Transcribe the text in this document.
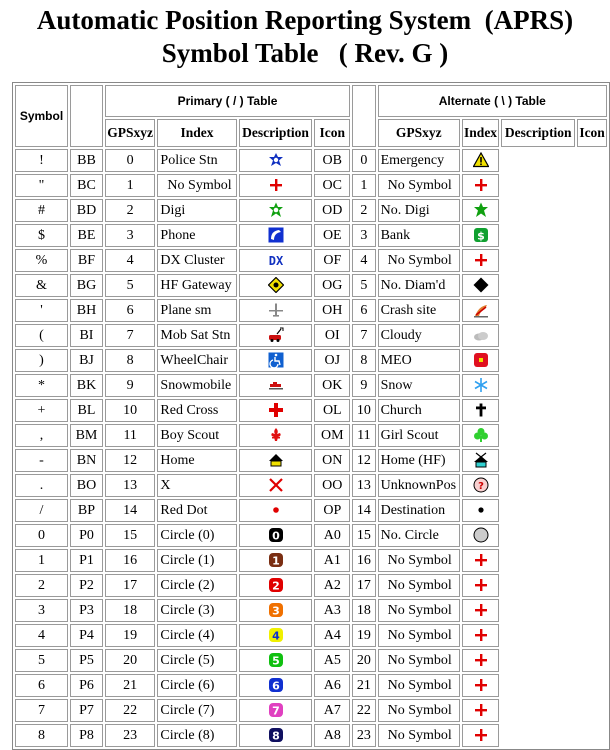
Automatic Position Reporting System  (APRS)
Symbol Table   ( Rev. G )
Symbol		Primary ( / ) Table					Alternate ( \ ) Table			
		GPSxyz	Index	Description	Icon		GPSxyz	Index	Description	Icon
!	BB	0	Police Stn		OB	0	Emergency	

"	BC	1	No Symbol		OC	1	No Symbol	

#	BD	2	Digi		OD	2	No. Digi	

$	BE	3	Phone		OE	3	Bank	$		

%	BF	4	DX Cluster	DX	OF	4	No Symbol	

&	BG	5	HF Gateway		OG	5	No. Diam'd	

'	BH	6	Plane sm		OH	6	Crash site	

(	BI	7	Mob Sat Stn		OI	7	Cloudy	

)	BJ	8	WheelChair		OJ	8	MEO	

*	BK	9	Snowmobile		OK	9	Snow	

+	BL	10	Red Cross		OL	10	Church	

,	BM	11	Boy Scout		OM	11	Girl Scout	

-	BN	12	Home		ON	12	Home (HF)	

.	BO	13	X		OO	13	UnknownPos	?		

/	BP	14	Red Dot		OP	14	Destination	

0	P0	15	Circle (0)	0	A0	15	No. Circle	

1	P1	16	Circle (1)	1	A1	16	No Symbol	

2	P2	17	Circle (2)	2	A2	17	No Symbol	

3	P3	18	Circle (3)	3	A3	18	No Symbol	

4	P4	19	Circle (4)	4	A4	19	No Symbol	

5	P5	20	Circle (5)	5	A5	20	No Symbol	

6	P6	21	Circle (6)	6	A6	21	No Symbol	

7	P7	22	Circle (7)	7	A7	22	No Symbol	

8	P8	23	Circle (8)	8	A8	23	No Symbol	
